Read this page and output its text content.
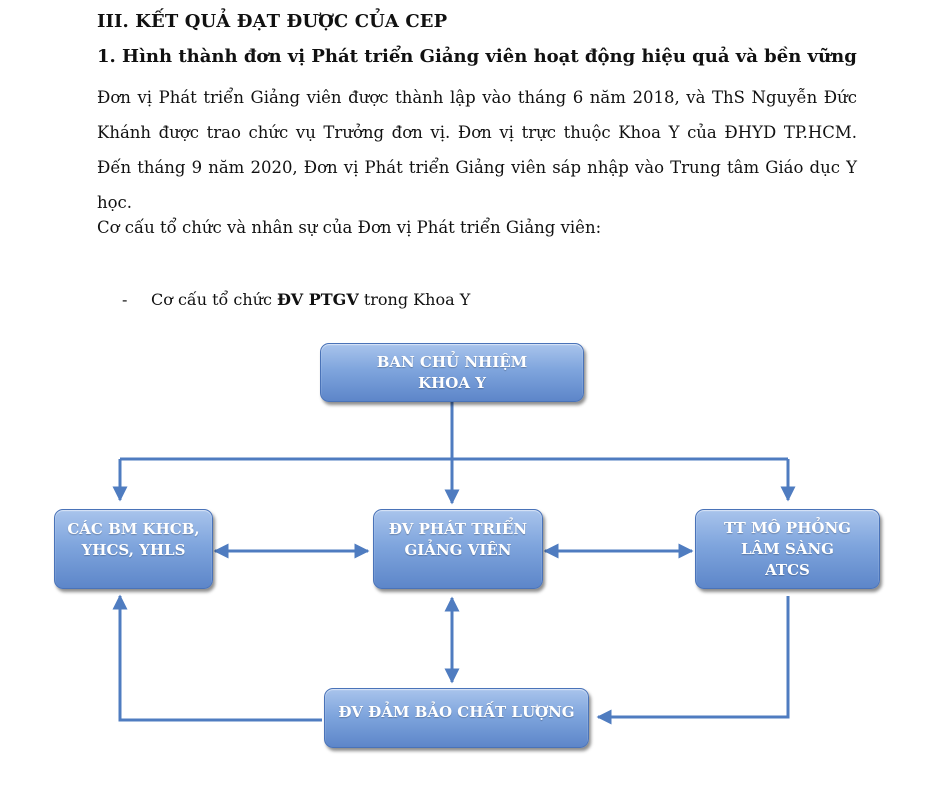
III. KẾT QUẢ ĐẠT ĐƯỢC CỦA CEP
1. Hình thành đơn vị Phát triển Giảng viên hoạt động hiệu quả và bền vững

Đơn vị Phát triển Giảng viên được thành lập vào tháng 6 năm 2018, và ThS Nguyễn Đức

Khánh được trao chức vụ Trưởng đơn vị. Đơn vị trực thuộc Khoa Y của ĐHYD TP.HCM.

Đến tháng 9 năm 2020, Đơn vị Phát triển Giảng viên sáp nhập vào Trung tâm Giáo dục Y

học.

Cơ cấu tổ chức và nhân sự của Đơn vị Phát triển Giảng viên:
- Cơ cấu tổ chức ĐV PTGV trong Khoa Y
BAN CHỦ NHIỆM
KHOA Y
CÁC BM KHCB,
YHCS, YHLS
ĐV PHÁT TRIỂN
GIẢNG VIÊN
TT MÔ PHỎNG
LÂM SÀNG
ATCS
ĐV ĐẢM BẢO CHẤT LƯỢNG
